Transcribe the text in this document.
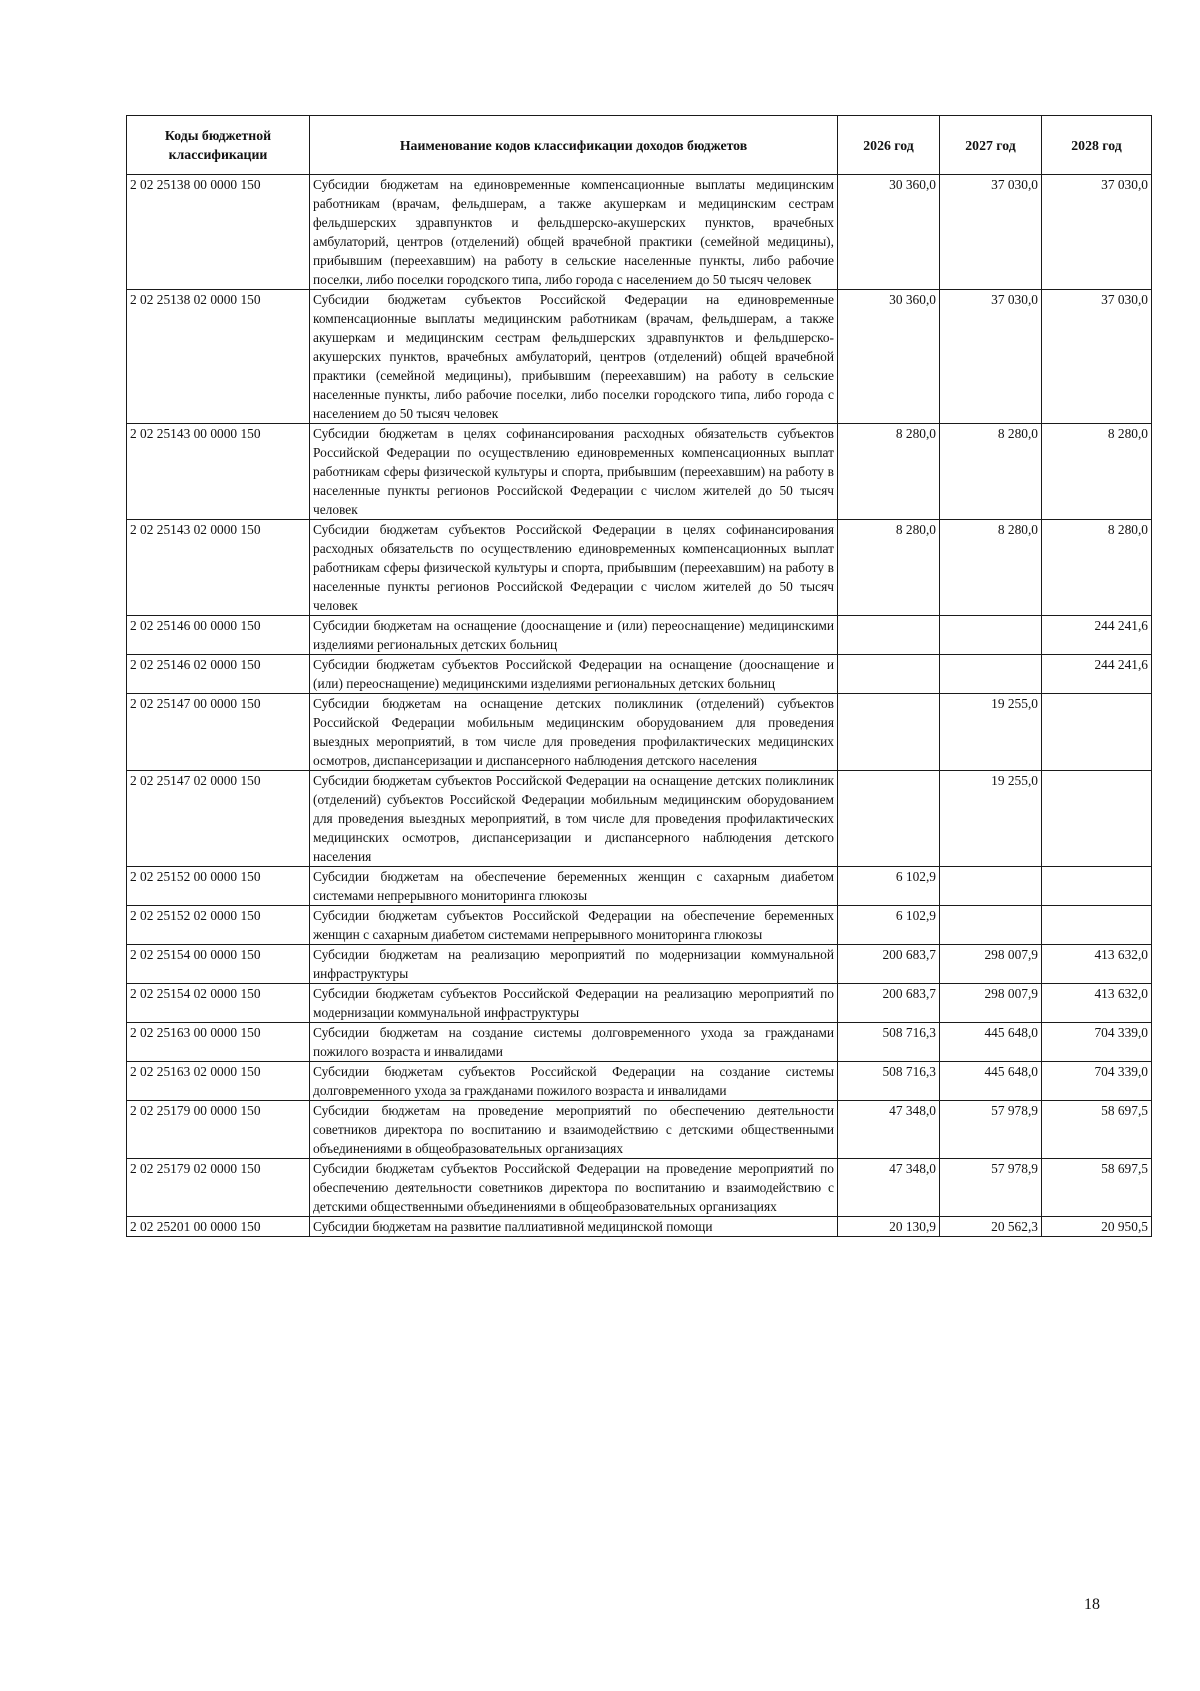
Коды бюджетной классификации	Наименование кодов классификации доходов бюджетов	2026 год	2027 год	2028 год
2 02 25138 00 0000 150	Субсидии бюджетам на единовременные компенсационные выплаты медицинским работникам (врачам, фельдшерам, а также акушеркам и медицинским сестрам фельдшерских здравпунктов и фельдшерско-акушерских пунктов, врачебных амбулаторий, центров (отделений) общей врачебной практики (семейной медицины), прибывшим (переехавшим) на работу в сельские населенные пункты, либо рабочие поселки, либо поселки городского типа, либо города с населением до 50 тысяч человек	30 360,0	37 030,0	37 030,0
2 02 25138 02 0000 150	Субсидии бюджетам субъектов Российской Федерации на единовременные компенсационные выплаты медицинским работникам (врачам, фельдшерам, а также акушеркам и медицинским сестрам фельдшерских здравпунктов и фельдшерско-акушерских пунктов, врачебных амбулаторий, центров (отделений) общей врачебной практики (семейной медицины), прибывшим (переехавшим) на работу в сельские населенные пункты, либо рабочие поселки, либо поселки городского типа, либо города с населением до 50 тысяч человек	30 360,0	37 030,0	37 030,0
2 02 25143 00 0000 150	Субсидии бюджетам в целях софинансирования расходных обязательств субъектов Российской Федерации по осуществлению единовременных компенсационных выплат работникам сферы физической культуры и спорта, прибывшим (переехавшим) на работу в населенные пункты регионов Российской Федерации с числом жителей до 50 тысяч человек	8 280,0	8 280,0	8 280,0
2 02 25143 02 0000 150	Субсидии бюджетам субъектов Российской Федерации в целях софинансирования расходных обязательств по осуществлению единовременных компенсационных выплат работникам сферы физической культуры и спорта, прибывшим (переехавшим) на работу в населенные пункты регионов Российской Федерации с числом жителей до 50 тысяч человек	8 280,0	8 280,0	8 280,0
2 02 25146 00 0000 150	Субсидии бюджетам на оснащение (дооснащение и (или) переоснащение) медицинскими изделиями региональных детских больниц			244 241,6
2 02 25146 02 0000 150	Субсидии бюджетам субъектов Российской Федерации на оснащение (дооснащение и (или) переоснащение) медицинскими изделиями региональных детских больниц			244 241,6
2 02 25147 00 0000 150	Субсидии бюджетам на оснащение детских поликлиник (отделений) субъектов Российской Федерации мобильным медицинским оборудованием для проведения выездных мероприятий, в том числе для проведения профилактических медицинских осмотров, диспансеризации и диспансерного наблюдения детского населения		19 255,0	
2 02 25147 02 0000 150	Субсидии бюджетам субъектов Российской Федерации на оснащение детских поликлиник (отделений) субъектов Российской Федерации мобильным медицинским оборудованием для проведения выездных мероприятий, в том числе для проведения профилактических медицинских осмотров, диспансеризации и диспансерного наблюдения детского населения		19 255,0	
2 02 25152 00 0000 150	Субсидии бюджетам на обеспечение беременных женщин с сахарным диабетом системами непрерывного мониторинга глюкозы	6 102,9		
2 02 25152 02 0000 150	Субсидии бюджетам субъектов Российской Федерации на обеспечение беременных женщин с сахарным диабетом системами непрерывного мониторинга глюкозы	6 102,9		
2 02 25154 00 0000 150	Субсидии бюджетам на реализацию мероприятий по модернизации коммунальной инфраструктуры	200 683,7	298 007,9	413 632,0
2 02 25154 02 0000 150	Субсидии бюджетам субъектов Российской Федерации на реализацию мероприятий по модернизации коммунальной инфраструктуры	200 683,7	298 007,9	413 632,0
2 02 25163 00 0000 150	Субсидии бюджетам на создание системы долговременного ухода за гражданами пожилого возраста и инвалидами	508 716,3	445 648,0	704 339,0
2 02 25163 02 0000 150	Субсидии бюджетам субъектов Российской Федерации на создание системы долговременного ухода за гражданами пожилого возраста и инвалидами	508 716,3	445 648,0	704 339,0
2 02 25179 00 0000 150	Субсидии бюджетам на проведение мероприятий по обеспечению деятельности советников директора по воспитанию и взаимодействию с детскими общественными объединениями в общеобразовательных организациях	47 348,0	57 978,9	58 697,5
2 02 25179 02 0000 150	Субсидии бюджетам субъектов Российской Федерации на проведение мероприятий по обеспечению деятельности советников директора по воспитанию и взаимодействию с детскими общественными объединениями в общеобразовательных организациях	47 348,0	57 978,9	58 697,5
2 02 25201 00 0000 150	Субсидии бюджетам на развитие паллиативной медицинской помощи	20 130,9	20 562,3	20 950,5
18
